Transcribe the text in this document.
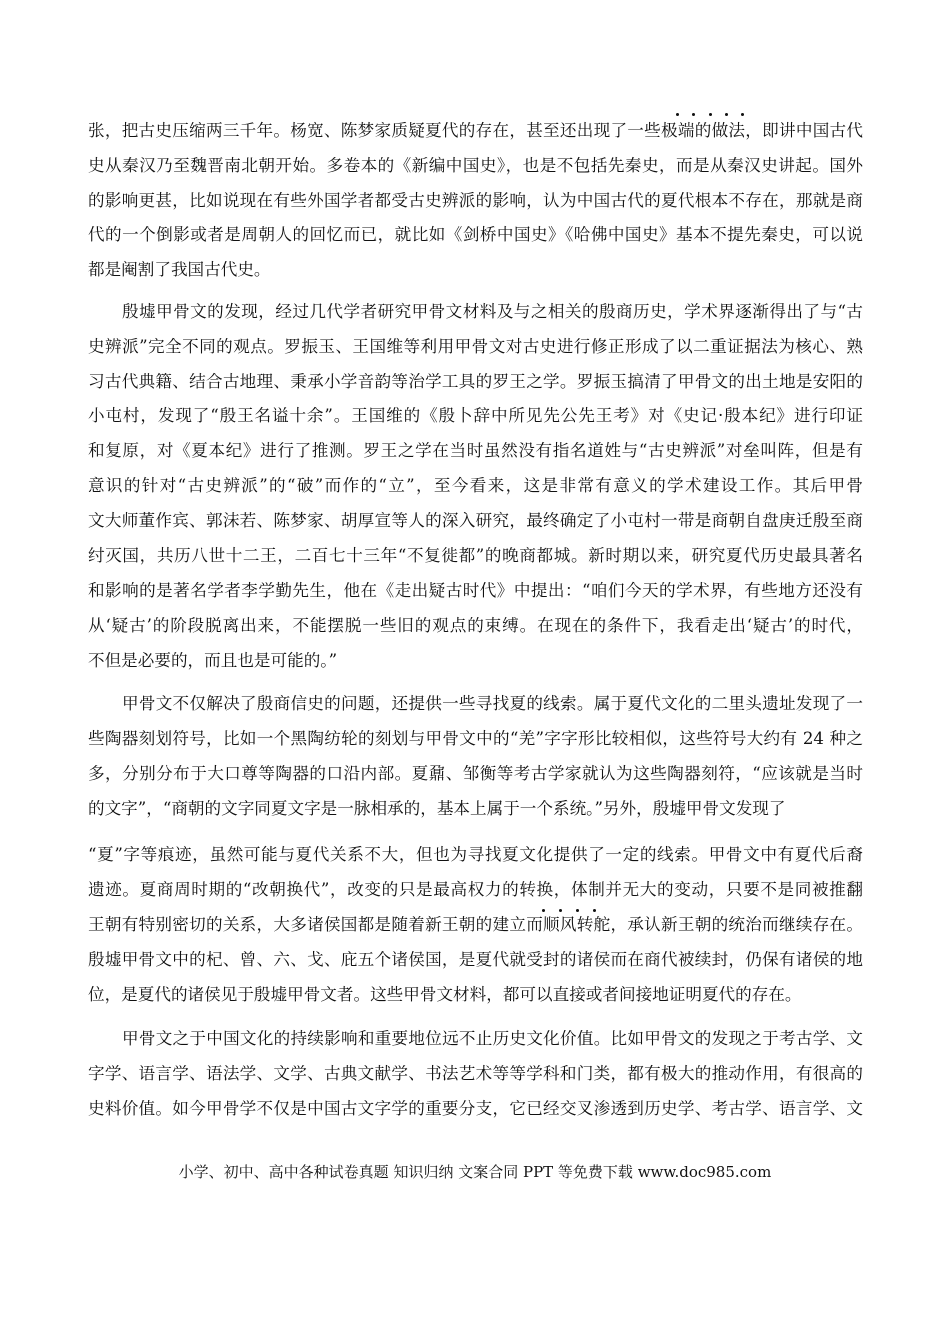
张，把古史压缩两三千年。杨宽、陈梦家质疑夏代的存在，甚至还出现了一些极端的做法，即讲中国古代
史从秦汉乃至魏晋南北朝开始。多卷本的《新编中国史》，也是不包括先秦史，而是从秦汉史讲起。国外
的影响更甚，比如说现在有些外国学者都受古史辨派的影响，认为中国古代的夏代根本不存在，那就是商
代的一个倒影或者是周朝人的回忆而已，就比如《剑桥中国史》《哈佛中国史》基本不提先秦史，可以说
都是阉割了我国古代史。
殷墟甲骨文的发现，经过几代学者研究甲骨文材料及与之相关的殷商历史，学术界逐渐得出了与“古
史辨派”完全不同的观点。罗振玉、王国维等利用甲骨文对古史进行修正形成了以二重证据法为核心、熟
习古代典籍、结合古地理、秉承小学音韵等治学工具的罗王之学。罗振玉搞清了甲骨文的出土地是安阳的
小屯村，发现了“殷王名谥十余”。王国维的《殷卜辞中所见先公先王考》对《史记·殷本纪》进行印证
和复原，对《夏本纪》进行了推测。罗王之学在当时虽然没有指名道姓与“古史辨派”对垒叫阵，但是有
意识的针对“古史辨派”的“破”而作的“立”，至今看来，这是非常有意义的学术建设工作。其后甲骨
文大师董作宾、郭沫若、陈梦家、胡厚宣等人的深入研究，最终确定了小屯村一带是商朝自盘庚迁殷至商
纣灭国，共历八世十二王，二百七十三年“不复徙都”的晚商都城。新时期以来，研究夏代历史最具著名
和影响的是著名学者李学勤先生，他在《走出疑古时代》中提出：“咱们今天的学术界，有些地方还没有
从‘疑古’的阶段脱离出来，不能摆脱一些旧的观点的束缚。在现在的条件下，我看走出‘疑古’的时代，
不但是必要的，而且也是可能的。”
甲骨文不仅解决了殷商信史的问题，还提供一些寻找夏的线索。属于夏代文化的二里头遗址发现了一
些陶器刻划符号，比如一个黑陶纺轮的刻划与甲骨文中的“羌”字字形比较相似，这些符号大约有 24 种之
多，分别分布于大口尊等陶器的口沿内部。夏鼐、邹衡等考古学家就认为这些陶器刻符，“应该就是当时
的文字”，“商朝的文字同夏文字是一脉相承的，基本上属于一个系统。”另外，殷墟甲骨文发现了
“夏”字等痕迹，虽然可能与夏代关系不大，但也为寻找夏文化提供了一定的线索。甲骨文中有夏代后裔
遗迹。夏商周时期的“改朝换代”，改变的只是最高权力的转换，体制并无大的变动，只要不是同被推翻
王朝有特别密切的关系，大多诸侯国都是随着新王朝的建立而顺风转舵，承认新王朝的统治而继续存在。
殷墟甲骨文中的杞、曾、六、戈、庇五个诸侯国，是夏代就受封的诸侯而在商代被续封，仍保有诸侯的地
位，是夏代的诸侯见于殷墟甲骨文者。这些甲骨文材料，都可以直接或者间接地证明夏代的存在。
甲骨文之于中国文化的持续影响和重要地位远不止历史文化价值。比如甲骨文的发现之于考古学、文
字学、语言学、语法学、文学、古典文献学、书法艺术等等学科和门类，都有极大的推动作用，有很高的
史料价值。如今甲骨学不仅是中国古文字学的重要分支，它已经交叉渗透到历史学、考古学、语言学、文
小学、初中、高中各种试卷真题 知识归纳 文案合同 PPT 等免费下载 www.doc985.com
